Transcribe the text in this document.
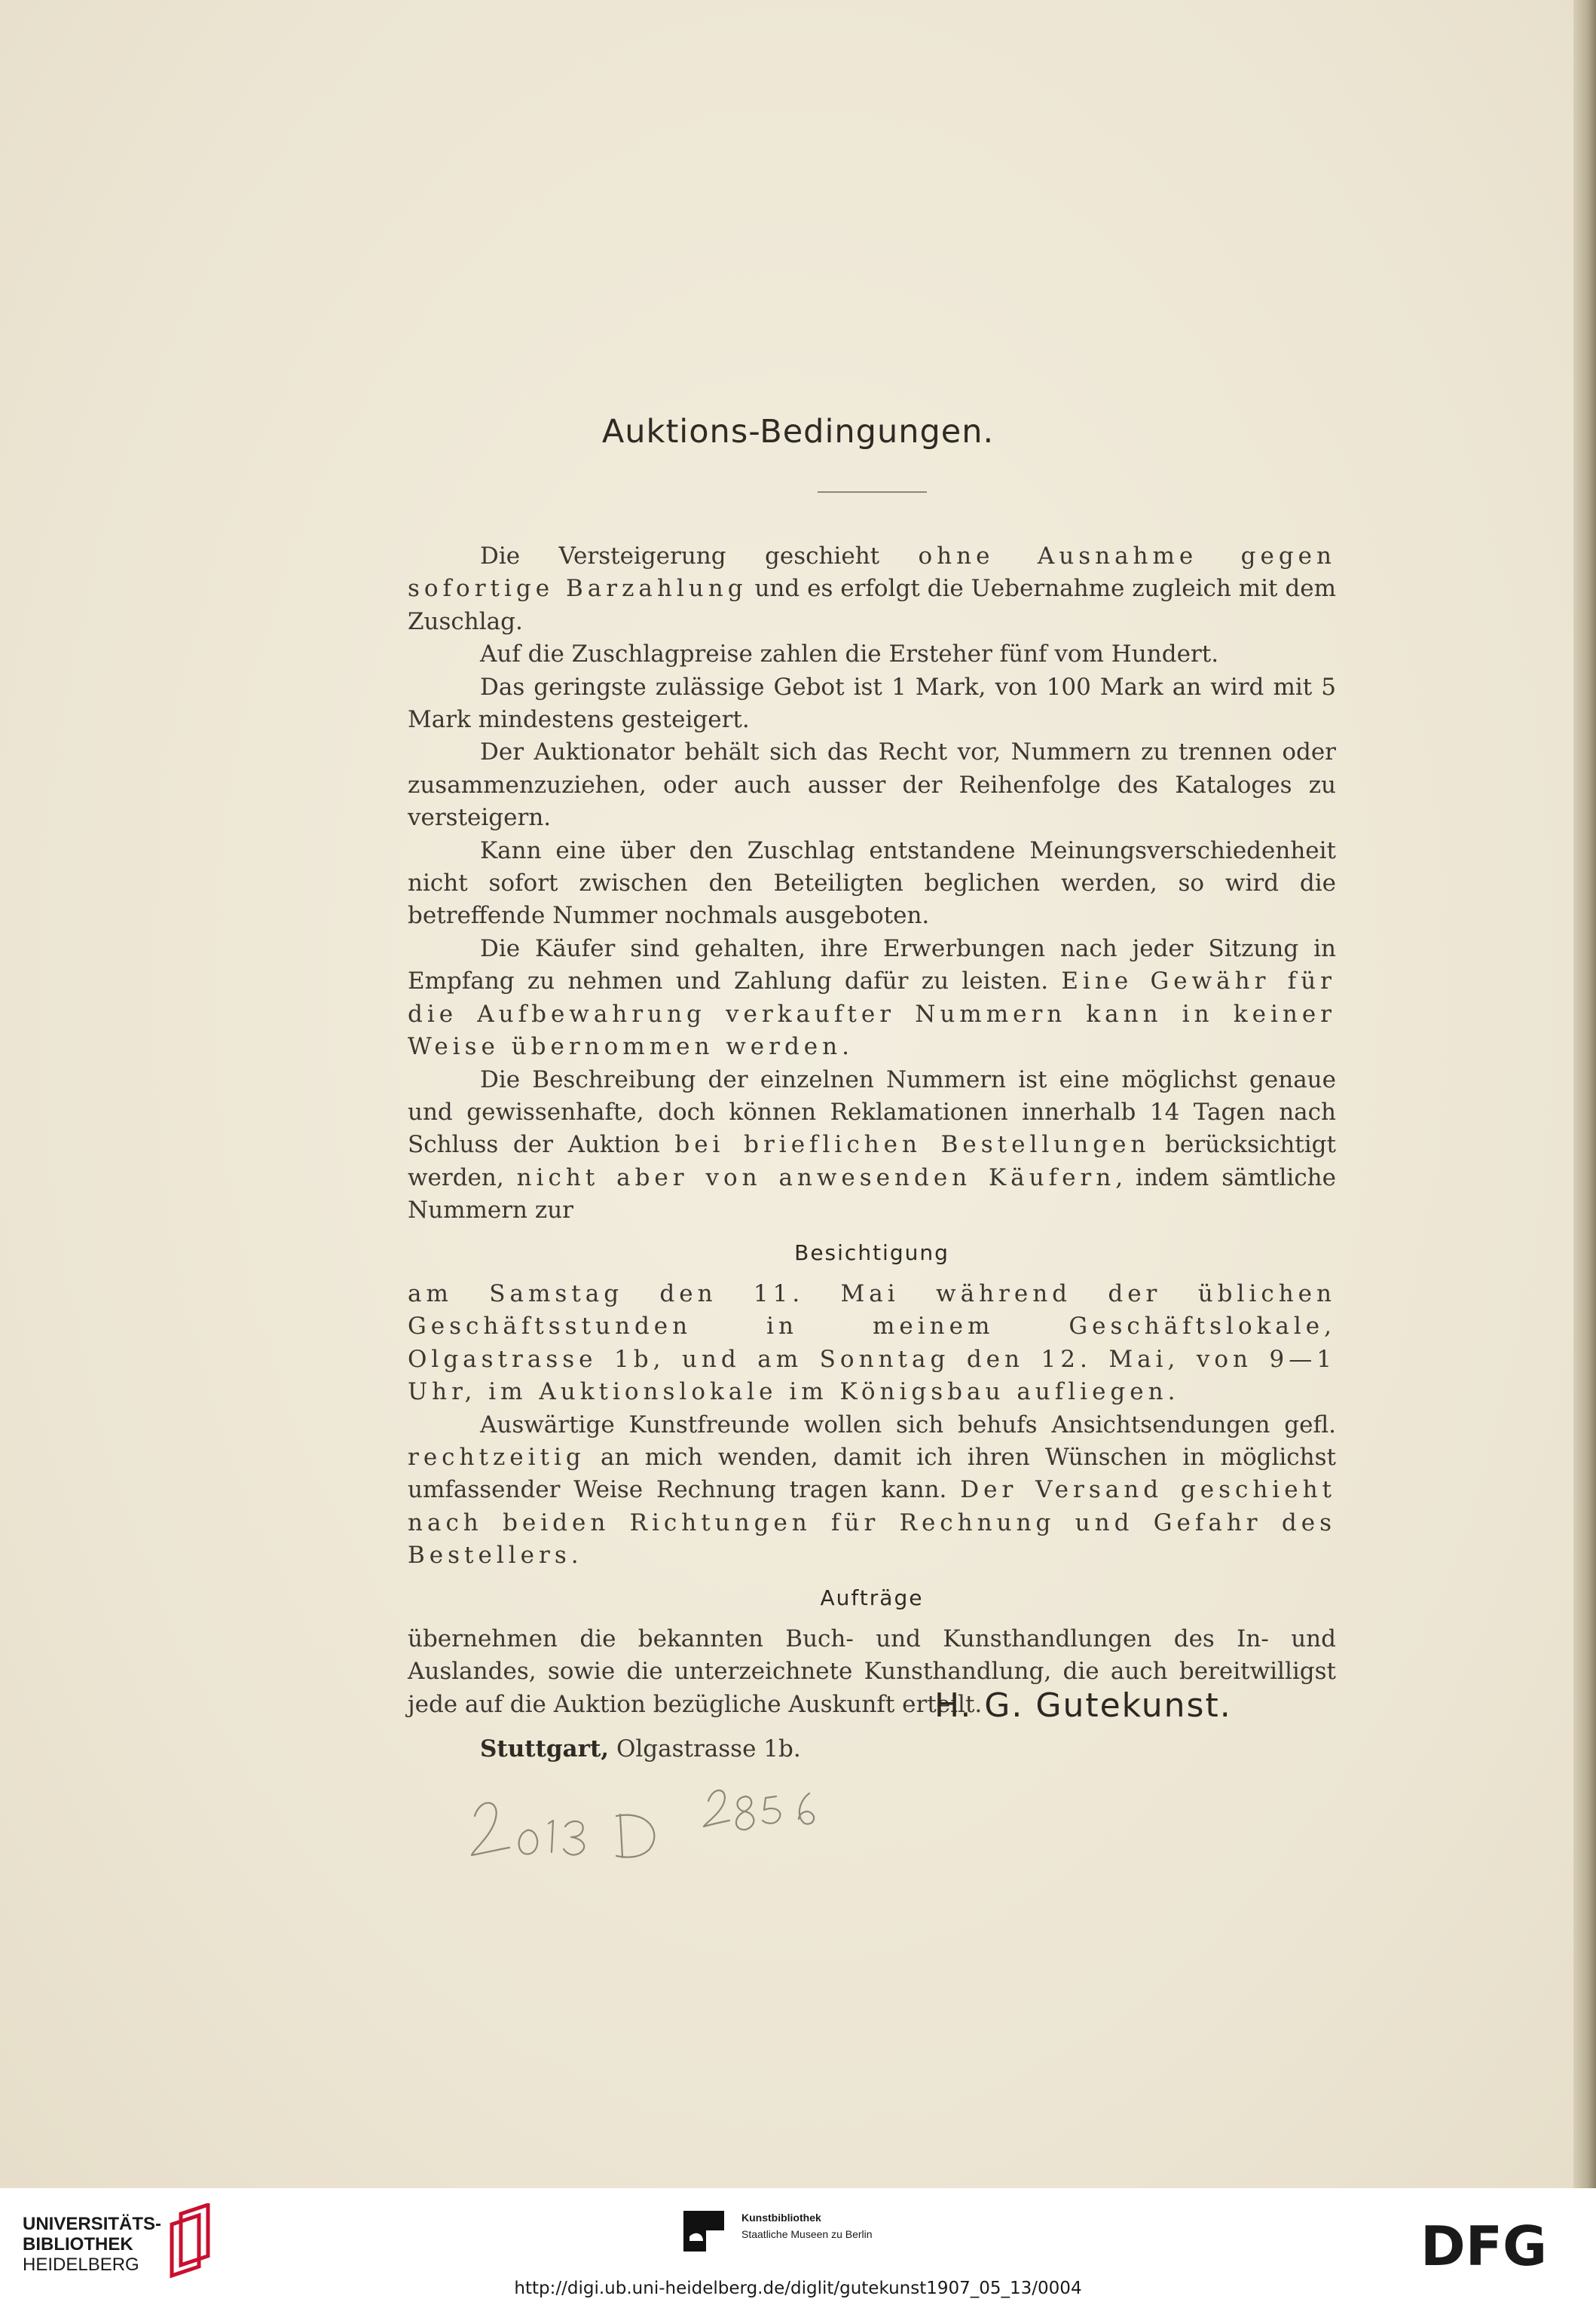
Auktions-Bedingungen.

Die Versteigerung geschieht ohne Ausnahme gegen sofortige Barzahlung und es erfolgt die Uebernahme zugleich mit dem Zuschlag.

Auf die Zuschlagpreise zahlen die Ersteher fünf vom Hundert.

Das geringste zulässige Gebot ist 1 Mark, von 100 Mark an wird mit 5 Mark mindestens gesteigert.

Der Auktionator behält sich das Recht vor, Nummern zu trennen oder zusammenzuziehen, oder auch ausser der Reihenfolge des Kataloges zu versteigern.

Kann eine über den Zuschlag entstandene Meinungsverschiedenheit nicht sofort zwischen den Beteiligten beglichen werden, so wird die betreffende Nummer nochmals ausgeboten.

Die Käufer sind gehalten, ihre Erwerbungen nach jeder Sitzung in Empfang zu nehmen und Zahlung dafür zu leisten. Eine Gewähr für die Aufbewahrung verkaufter Nummern kann in keiner Weise übernommen werden.

Die Beschreibung der einzelnen Nummern ist eine möglichst genaue und gewissenhafte, doch können Reklamationen innerhalb 14 Tagen nach Schluss der Auktion bei brieflichen Bestellungen berücksichtigt werden, nicht aber von anwesenden Käufern, indem sämtliche Nummern zur

Besichtigung

am Samstag den 11. Mai während der üblichen Geschäftsstunden in meinem Geschäftslokale, Olgastrasse 1b, und am Sonntag den 12. Mai, von 9—1 Uhr, im Auktionslokale im Königsbau aufliegen.

Auswärtige Kunstfreunde wollen sich behufs Ansichtsendungen gefl. rechtzeitig an mich wenden, damit ich ihren Wünschen in möglichst umfassender Weise Rechnung tragen kann. Der Versand geschieht nach beiden Richtungen für Rechnung und Gefahr des Bestellers.

Aufträge

übernehmen die bekannten Buch- und Kunsthandlungen des In- und Auslandes, sowie die unterzeichnete Kunsthandlung, die auch bereitwilligst jede auf die Auktion bezügliche Auskunft erteilt.

Stuttgart, Olgastrasse 1b.

H. G. Gutekunst.
UNIVERSITÄTS-
BIBLIOTHEK
HEIDELBERG
Kunstbibliothek
Staatliche Museen zu Berlin	DFG
http://digi.ub.uni-heidelberg.de/diglit/gutekunst1907_05_13/0004
